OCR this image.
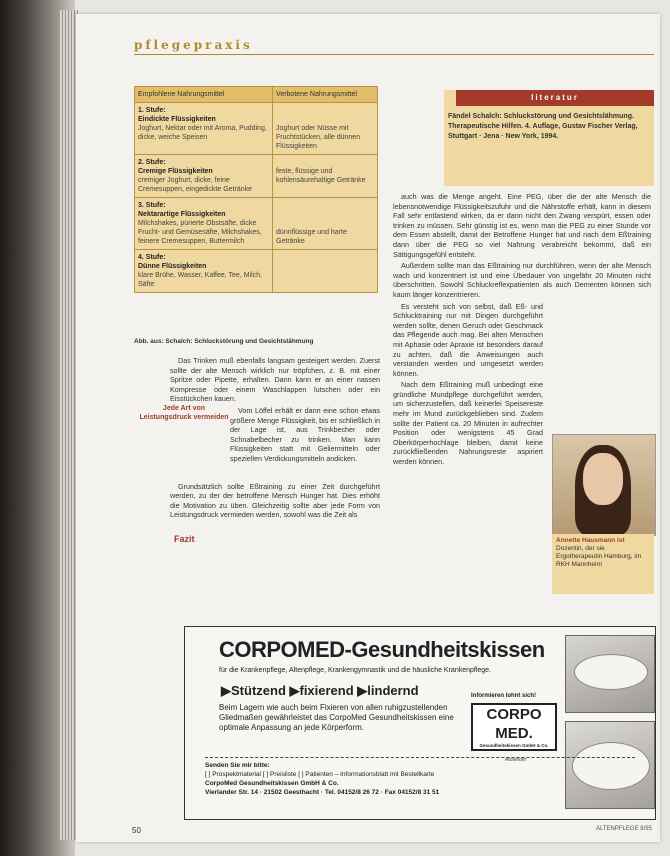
pflegepraxis
Empfohlene Nahrungsmittel	Verbotene Nahrungsmittel

1. Stufe:
Eindickte Flüssigkeiten
Joghurt, Nektar oder mit Aroma, Pudding, dicke, weiche Speisen	Joghurt oder Nüsse mit Fruchtstücken, alle dünnen Flüssigkeiten

2. Stufe:
Cremige Flüssigkeiten
cremiger Joghurt, dicke, feine Cremesuppen, eingedickte Getränke	feste, flüssige und kohlensäurehaltige Getränke

3. Stufe:
Nektarartige Flüssigkeiten
Milchshakes, pürierte Obstsäfte, dicke Frucht- und Gemüsesäfte, Milchshakes, feinere Cremesuppen, Buttermilch	dünnflüssige und harte Getränke

4. Stufe:
Dünne Flüssigkeiten
klare Brühe, Wasser, Kaffee, Tee, Milch, Säfte	
Abb. aus: Schalch: Schluckstörung und Gesichtslähmung
literatur
Fändel Schalch: Schluckstörung und Gesichtslähmung. Therapeutische Hilfen. 4. Auflage, Gustav Fischer Verlag, Stuttgart · Jena · New York, 1994.

Das Trinken muß ebenfalls langsam gesteigert werden. Zuerst sollte der alte Mensch wirklich nur tröpfchen, z. B. mit einer Spritze oder Pipette, erhalten. Dann kann er an einer nassen Kompresse oder einem Waschlappen lutschen oder ein Eisstückchen kauen.

Vom Löffel erhält er dann eine schon etwas größere Menge Flüssigkeit, bis er schließlich in der Lage ist, aus Trinkbecher oder Schnabelbecher zu trinken. Man kann Flüssigkeiten statt mit Geliermitteln oder speziellen Verdickungsmitteln andicken.

Grundsätzlich sollte Eßtraining zu einer Zeit durchgeführt werden, zu der der betroffene Mensch Hunger hat. Dies erhöht die Motivation zu üben. Gleichzeitig sollte aber jede Form von Leistungsdruck vermieden werden, sowohl was die Zeit als

Jede Art von Leistungsdruck vermeiden
Fazit

auch was die Menge angeht. Eine PEG, über die der alte Mensch die lebensnotwendige Flüssigkeitszufuhr und die Nährstoffe erhält, kann in diesem Fall sehr entlastend wirken, da er dann nicht den Zwang verspürt, essen oder trinken zu müssen. Sehr günstig ist es, wenn man die PEG zu einer Stunde vor dem Essen abstellt, damit der Betroffene Hunger hat und nach dem Eßtraining dann über die PEG so viel Nahrung verabreicht bekommt, daß ein Sättigungsgefühl entsteht.

Außerdem sollte man das Eßtraining nur durchführen, wenn der alte Mensch wach und konzentriert ist und eine Übedauer von ungefähr 20 Minuten nicht überschritten. Sowohl Schluckreflexpatienten als auch Dementen können sich kaum länger konzentrieren.

Es versteht sich von selbst, daß Eß- und Schlucktraining nur mit Dingen durchgeführt werden sollte, denen Geruch oder Geschmack das Pflegende auch mag. Bei alten Menschen mit Aphasie oder Apraxie ist besonders darauf zu achten, daß die Anweisungen auch verstanden werden und umgesetzt werden können.

Nach dem Eßtraining muß unbedingt eine gründliche Mundpflege durchgeführt werden, um sicherzustellen, daß keinerlei Speisereste mehr im Mund zurückgeblieben sind. Zudem sollte der Patient ca. 20 Minuten in aufrechter Position oder wenigstens 45 Grad Oberkörperhochlage bleiben, damit keine zurückfließenden Nahrungsreste aspiriert werden können.

Annette Hausmann ist
Dozentin, der sie Ergotherapeutin Hamburg, im RKH Mannheim
CORPOMED-Gesundheitskissen
für die Krankenpflege, Altenpflege, Krankengymnastik und die häusliche Krankenpflege.
▶Stützend ▶fixierend ▶lindernd
Beim Lagern wie auch beim Fixieren von allen ruhigzustellenden Gliedmaßen gewährleistet das CorpoMed Gesundheitskissen eine optimale Anpassung an jede Körperform.
Informieren lohnt sich!
CORPO
MED.
Gesundheitskissen GmbH & Co.
Absender
Senden Sie mir bitte:
[ ] Prospektmaterial [ ] Preisliste [ ] Patienten – Informationsblatt mit Bestellkarte
CorpoMed Gesundheitskissen GmbH & Co.
Vierlander Str. 14 · 21502 Geesthacht · Tel. 04152/8 26 72 · Fax 04152/8 31 51
50	ALTENPFLEGE 8/95
